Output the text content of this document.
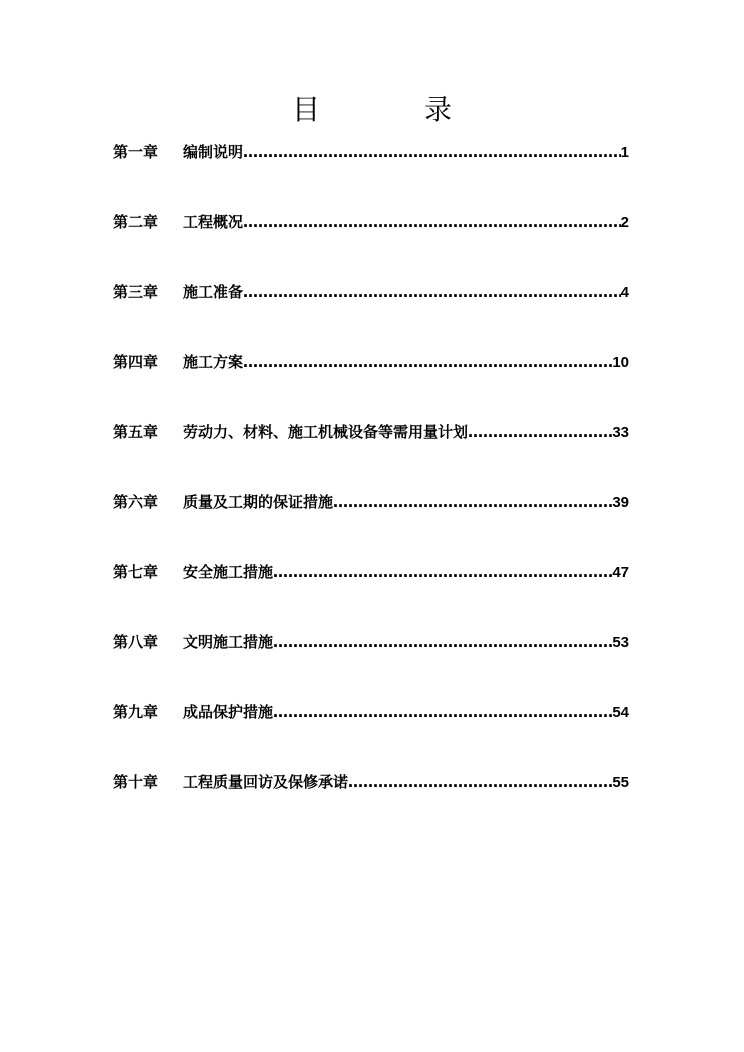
目	录
第一章	编制说明 ……………………………………………………………………………………………………………………………………………………………	1
第二章	工程概况 ……………………………………………………………………………………………………………………………………………………………	2
第三章	施工准备 ……………………………………………………………………………………………………………………………………………………………	4
第四章	施工方案 ……………………………………………………………………………………………………………………………………………………………	10
第五章	劳动力、材料、施工机械设备等需用量计划 ……………………………………………………………………………………………………………………………………………………………	33
第六章	质量及工期的保证措施 ……………………………………………………………………………………………………………………………………………………………	39
第七章	安全施工措施 ……………………………………………………………………………………………………………………………………………………………	47
第八章	文明施工措施 ……………………………………………………………………………………………………………………………………………………………	53
第九章	成品保护措施 ……………………………………………………………………………………………………………………………………………………………	54
第十章	工程质量回访及保修承诺 ……………………………………………………………………………………………………………………………………………………………	55
